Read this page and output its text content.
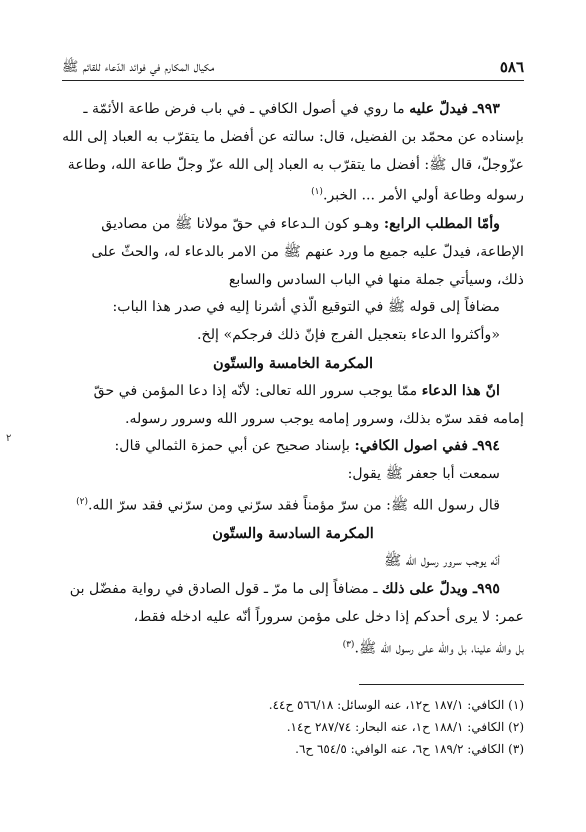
٥٨٦
مكيال المكارم في فوائد الدّعاء للقائم ﷺ

٩٩٣ـ فيدلّ عليه ما روي في أصول الكافي ـ في باب فرض طاعة الأئمّة ـ

بإسناده عن محمّد بن الفضيل، قال: سالته عن أفضل ما يتقرّب به العباد إلى الله

عزّوجلّ، قال ﷺ: أفضل ما يتقرّب به العباد إلى الله عزّ وجلّ طاعة الله، وطاعة

رسوله وطاعة أولي الأمر ... الخبر.$^{(١)}$

وأمّا المطلب الرابع: وهـو كون الـدعاء في حقّ مولانا ﷺ من مصاديق

الإطاعة، فيدلّ عليه جميع ما ورد عنهم ﷺ من الامر بالدعاء له، والحثّ على

ذلك، وسيأتي جملة منها في الباب السادس والسابع

مضافاً إلى قوله ﷺ في التوقيع الّذي أشرنا إليه في صدر هذا الباب:

«وأكثروا الدعاء بتعجيل الفرج فإنّ ذلك فرجكم» إلخ.

المكرمة الخامسة والستّون

انّ هذا الدعاء ممّا يوجب سرور الله تعالى: لأنّه إذا دعا المؤمن في حقّ

إمامه فقد سرّه بذلك، وسرور إمامه يوجب سرور الله وسرور رسوله.

٩٩٤ـ ففي اصول الكافي: بإسناد صحيح عن أبي حمزة الثمالي قال:

سمعت أبا جعفر ﷺ يقول:

قال رسول الله ﷺ: من سرّ مؤمناً فقد سرّني ومن سرّني فقد سرّ الله.$^{(٢)}$

المكرمة السادسة والستّون

أنّه يوجب سرور رسول الله ﷺ

٩٩٥ـ ويدلّ على ذلك ـ مضافاً إلى ما مرّ ـ قول الصادق في رواية مفضّل بن

عمر: لا يرى أحدكم إذا دخل على مؤمن سروراً أنّه عليه ادخله فقط،

بل والله علينا، بل والله على رسول الله ﷺ.$^{(٣)}$

٢
(١) الكافي: ١٨٧/١ ح١٢، عنه الوسائل: ٥٦٦/١٨ ح٤٤.
(٢) الكافي: ١٨٨/١ ح١، عنه البحار: ٢٨٧/٧٤ ح١٤.
(٣) الكافي: ١٨٩/٢ ح٦، عنه الوافي: ٦٥٤/٥ ح٦.
